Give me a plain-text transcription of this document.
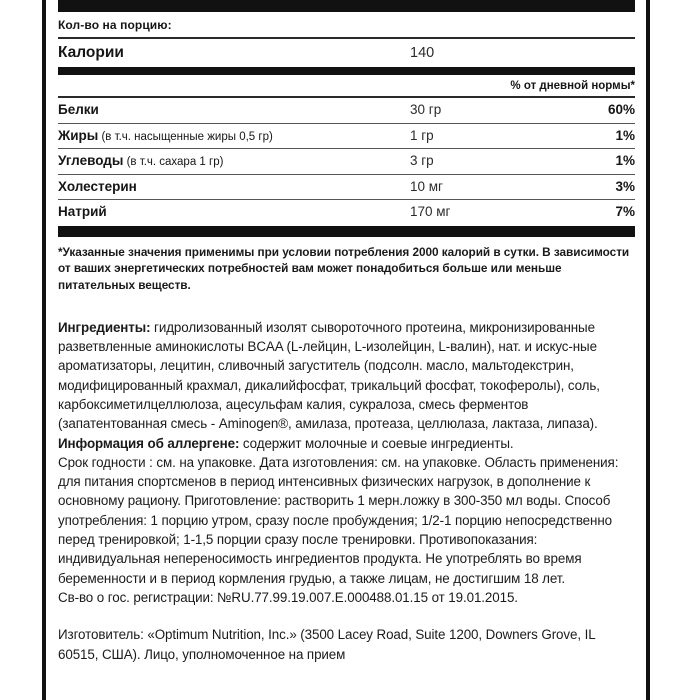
Кол-во на порцию:
Калории	140
% от дневной нормы*
Белки	30 гр	60%
Жиры (в т.ч. насыщенные жиры 0,5 гр)	1 гр	1%
Углеводы (в т.ч. сахара 1 гр)	3 гр	1%
Холестерин	10 мг	3%
Натрий	170 мг	7%
*Указанные значения применимы при условии потребления 2000 калорий в сутки. В зависимости от ваших энергетических потребностей вам может понадобиться больше или меньше питательных веществ.

Ингредиенты: гидролизованный изолят сывороточного протеина, микронизированные разветвленные аминокислоты BCAA (L-лейцин, L-изолейцин, L-валин), нат. и искус-ные ароматизаторы, лецитин, сливочный загуститель (подсолн. масло, мальтодекстрин, модифицированный крахмал, дикалийфосфат, трикальций фосфат, токоферолы), соль, карбоксиметилцеллюлоза, ацесульфам калия, сукралоза, смесь ферментов (запатентованная смесь - Aminogen®, амилаза, протеаза, целлюлаза, лактаза, липаза).

Информация об аллергене: содержит молочные и соевые ингредиенты.

Срок годности : см. на упаковке. Дата изготовления: см. на упаковке. Область применения: для питания спортсменов в период интенсивных физических нагрузок, в дополнение к основному рациону. Приготовление: растворить 1 мерн.ложку в 300-350 мл воды. Способ употребления: 1 порцию утром, сразу после пробуждения; 1/2-1 порцию непосредственно перед тренировкой; 1-1,5 порции сразу после тренировки. Противопоказания: индивидуальная непереносимость ингредиентов продукта. Не употреблять во время беременности и в период кормления грудью, а также лицам, не достигшим 18 лет.

Св-во о гос. регистрации: №RU.77.99.19.007.E.000488.01.15 от 19.01.2015.

Изготовитель: «Optimum Nutrition, Inc.» (3500 Lacey Road, Suite 1200, Downers Grove, IL 60515, США). Лицо, уполномоченное на прием
